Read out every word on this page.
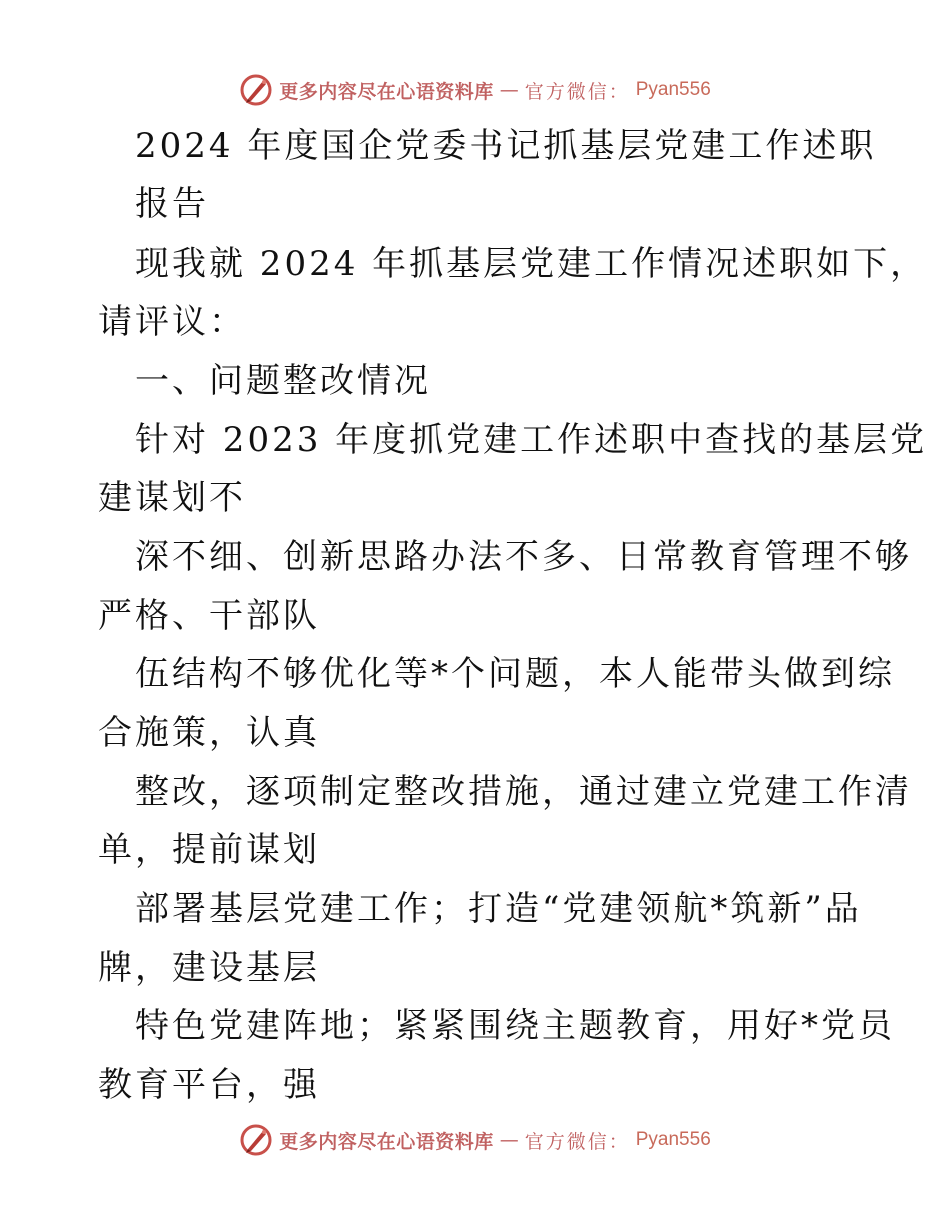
更多内容尽在心语资料库 — 官方微信： Pyan556
2024 年度国企党委书记抓基层党建工作述职
报告
现我就 2024 年抓基层党建工作情况述职如下，
请评议：
一、问题整改情况
针对 2023 年度抓党建工作述职中查找的基层党
建谋划不
深不细、创新思路办法不多、日常教育管理不够
严格、干部队
伍结构不够优化等*个问题，本人能带头做到综
合施策，认真
整改，逐项制定整改措施，通过建立党建工作清
单，提前谋划
部署基层党建工作；打造“党建领航*筑新”品
牌，建设基层
特色党建阵地；紧紧围绕主题教育，用好*党员
教育平台，强
更多内容尽在心语资料库 — 官方微信： Pyan556
